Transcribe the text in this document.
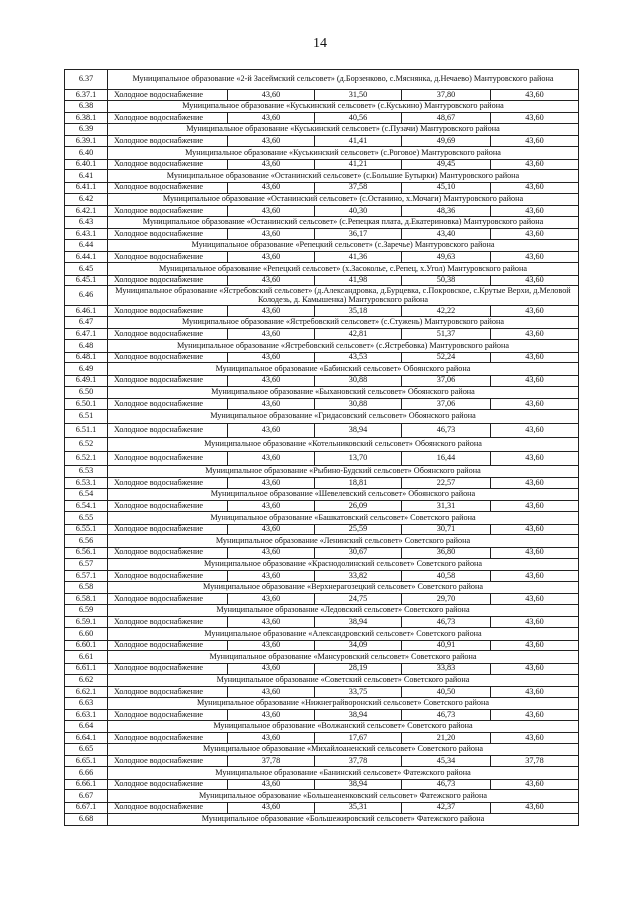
14
6.37	Муниципальное образование «2-й Засеймский сельсовет» (д.Борзенково, с.Мяснянка, д.Нечаево) Мантуровского района				
6.37.1	Холодное водоснабжение	43,60	31,50	37,80	43,60
6.38	Муниципальное образование «Куськинский сельсовет» (с.Куськино) Мантуровского района				
6.38.1	Холодное водоснабжение	43,60	40,56	48,67	43,60
6.39	Муниципальное образование «Куськинский сельсовет» (с.Пузачи) Мантуровского района				
6.39.1	Холодное водоснабжение	43,60	41,41	49,69	43,60
6.40	Муниципальное образование «Куськинский сельсовет» (с.Роговое) Мантуровского района				
6.40.1	Холодное водоснабжение	43,60	41,21	49,45	43,60
6.41	Муниципальное образование «Останинский сельсовет» (с.Большие Бутырки) Мантуровского района				
6.41.1	Холодное водоснабжение	43,60	37,58	45,10	43,60
6.42	Муниципальное образование «Останинский сельсовет» (с.Останино, х.Мочаги) Мантуровского района				
6.42.1	Холодное водоснабжение	43,60	40,30	48,36	43,60
6.43	Муниципальное образование «Останинский сельсовет» (с.Репецкая плата, д.Екатериновка) Мантуровского района				
6.43.1	Холодное водоснабжение	43,60	36,17	43,40	43,60
6.44	Муниципальное образование «Репецкий сельсовет» (с.Заречье) Мантуровского района				
6.44.1	Холодное водоснабжение	43,60	41,36	49,63	43,60
6.45	Муниципальное образование «Репецкий сельсовет» (х.Засоколье, с.Репец, х.Угол) Мантуровского района				
6.45.1	Холодное водоснабжение	43,60	41,98	50,38	43,60
6.46	Муниципальное образование «Ястребовский сельсовет» (д.Александровка, д.Бурцевка, с.Покровское, с.Крутые Верхи, д.Меловой Колодезь, д. Камышенка) Мантуровского района				
6.46.1	Холодное водоснабжение	43,60	35,18	42,22	43,60
6.47	Муниципальное образование «Ястребовский сельсовет» (с.Стужень) Мантуровского района				
6.47.1	Холодное водоснабжение	43,60	42,81	51,37	43,60
6.48	Муниципальное образование «Ястребовский сельсовет» (с.Ястребовка) Мантуровского района				
6.48.1	Холодное водоснабжение	43,60	43,53	52,24	43,60
6.49	Муниципальное образование «Бабинский сельсовет» Обоянского района				
6.49.1	Холодное водоснабжение	43,60	30,88	37,06	43,60
6.50	Муниципальное образование «Быхановский сельсовет» Обоянского района				
6.50.1	Холодное водоснабжение	43,60	30,88	37,06	43,60
6.51	Муниципальное образование «Гридасовский сельсовет» Обоянского района				
6.51.1	Холодное водоснабжение	43,60	38,94	46,73	43,60
6.52	Муниципальное образование «Котельниковский сельсовет» Обоянского района				
6.52.1	Холодное водоснабжение	43,60	13,70	16,44	43,60
6.53	Муниципальное образование «Рыбино-Будский сельсовет» Обоянского района				
6.53.1	Холодное водоснабжение	43,60	18,81	22,57	43,60
6.54	Муниципальное образование «Шевелевский сельсовет» Обоянского района				
6.54.1	Холодное водоснабжение	43,60	26,09	31,31	43,60
6.55	Муниципальное образование «Башкатовский сельсовет» Советского района				
6.55.1	Холодное водоснабжение	43,60	25,59	30,71	43,60
6.56	Муниципальное образование «Ленинский сельсовет» Советского района				
6.56.1	Холодное водоснабжение	43,60	30,67	36,80	43,60
6.57	Муниципальное образование «Краснодолинский сельсовет» Советского района				
6.57.1	Холодное водоснабжение	43,60	33,82	40,58	43,60
6.58	Муниципальное образование «Верхнерагозецкий сельсовет» Советского района				
6.58.1	Холодное водоснабжение	43,60	24,75	29,70	43,60
6.59	Муниципальное образование «Ледовский сельсовет» Советского района				
6.59.1	Холодное водоснабжение	43,60	38,94	46,73	43,60
6.60	Муниципальное образование «Александровский сельсовет» Советского района				
6.60.1	Холодное водоснабжение	43,60	34,09	40,91	43,60
6.61	Муниципальное образование «Мансуровский сельсовет» Советского района				
6.61.1	Холодное водоснабжение	43,60	28,19	33,83	43,60
6.62	Муниципальное образование «Советский сельсовет» Советского района				
6.62.1	Холодное водоснабжение	43,60	33,75	40,50	43,60
6.63	Муниципальное образование «Нижнеграйворонский сельсовет» Советского района				
6.63.1	Холодное водоснабжение	43,60	38,94	46,73	43,60
6.64	Муниципальное образование «Волжанский сельсовет» Советского района				
6.64.1	Холодное водоснабжение	43,60	17,67	21,20	43,60
6.65	Муниципальное образование «Михайлоаненский сельсовет» Советского района				
6.65.1	Холодное водоснабжение	37,78	37,78	45,34	37,78
6.66	Муниципальное образование «Банинский сельсовет» Фатежского района				
6.66.1	Холодное водоснабжение	43,60	38,94	46,73	43,60
6.67	Муниципальное образование «Большеаненковский сельсовет» Фатежского района				
6.67.1	Холодное водоснабжение	43,60	35,31	42,37	43,60
6.68	Муниципальное образование «Большежировский сельсовет» Фатежского района				
